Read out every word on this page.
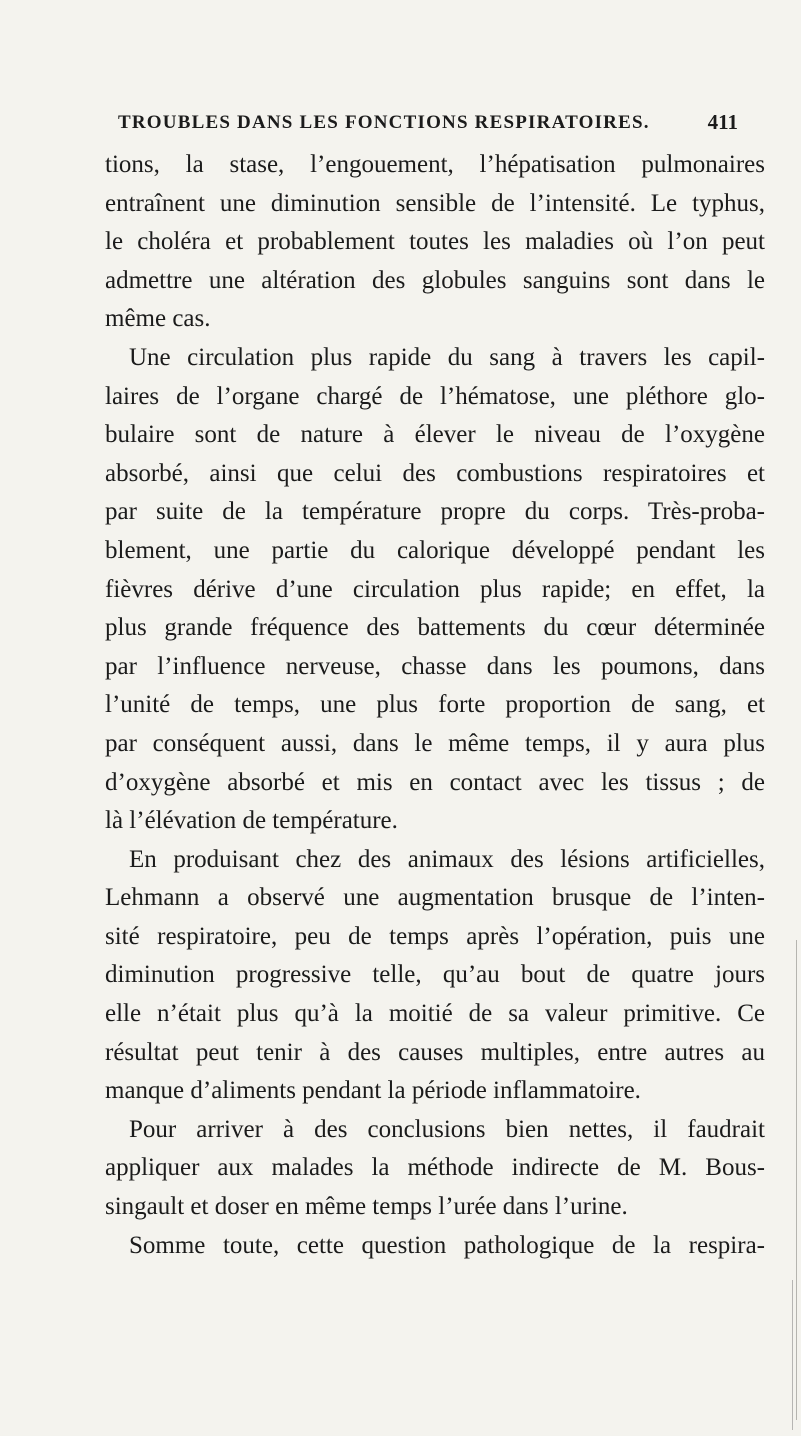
TROUBLES DANS LES FONCTIONS RESPIRATOIRES.	411
tions, la stase, l’engouement, l’hépatisation pulmonaires
entraînent une diminution sensible de l’intensité. Le typhus,
le choléra et probablement toutes les maladies où l’on peut
admettre une altération des globules sanguins sont dans le
même cas.
Une circulation plus rapide du sang à travers les capil-
laires de l’organe chargé de l’hématose, une pléthore glo-
bulaire sont de nature à élever le niveau de l’oxygène
absorbé, ainsi que celui des combustions respiratoires et
par suite de la température propre du corps. Très-proba-
blement, une partie du calorique développé pendant les
fièvres dérive d’une circulation plus rapide; en effet, la
plus grande fréquence des battements du cœur déterminée
par l’influence nerveuse, chasse dans les poumons, dans
l’unité de temps, une plus forte proportion de sang, et
par conséquent aussi, dans le même temps, il y aura plus
d’oxygène absorbé et mis en contact avec les tissus ; de
là l’élévation de température.
En produisant chez des animaux des lésions artificielles,
Lehmann a observé une augmentation brusque de l’inten-
sité respiratoire, peu de temps après l’opération, puis une
diminution progressive telle, qu’au bout de quatre jours
elle n’était plus qu’à la moitié de sa valeur primitive. Ce
résultat peut tenir à des causes multiples, entre autres au
manque d’aliments pendant la période inflammatoire.
Pour arriver à des conclusions bien nettes, il faudrait
appliquer aux malades la méthode indirecte de M. Bous-
singault et doser en même temps l’urée dans l’urine.
Somme toute, cette question pathologique de la respira-
